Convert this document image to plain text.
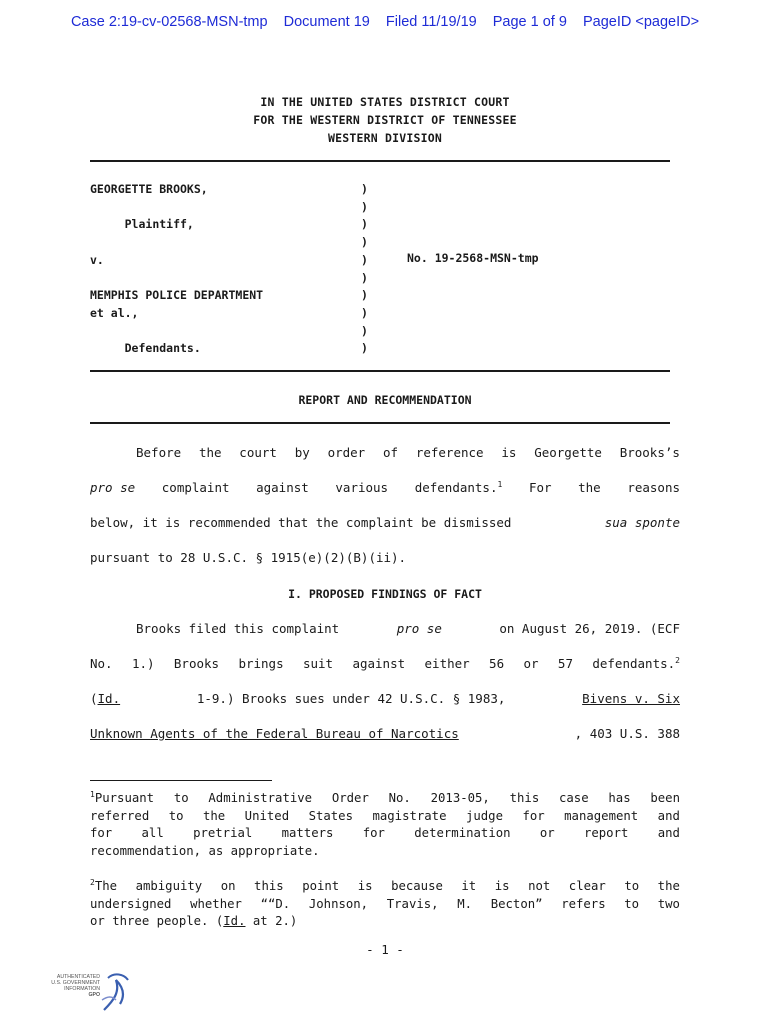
Case 2:19-cv-02568-MSN-tmp Document 19 Filed 11/19/19 Page 1 of 9 PageID <pageID>
IN THE UNITED STATES DISTRICT COURT
FOR THE WESTERN DISTRICT OF TENNESSEE
WESTERN DIVISION
GEORGETTE BROOKS,

Plaintiff,

v.

MEMPHIS POLICE DEPARTMENT
et al.,

Defendants.
)
)
)
)
)
)
)
)
)
)
No. 19-2568-MSN-tmp
REPORT AND RECOMMENDATION
Before the court by order of reference is Georgette Brooks’s
pro se complaint against various defendants.$^1$ For the reasons
below, it is recommended that the complaint be dismissed	sua sponte
pursuant to 28 U.S.C. § 1915(e)(2)(B)(ii).
I. PROPOSED FINDINGS OF FACT
Brooks filed this complaint	pro se	on August 26, 2019. (ECF
No. 1.) Brooks brings suit against either 56 or 57 defendants.$^2$
(Id.	1-9.) Brooks sues under 42 U.S.C. § 1983,	Bivens v. Six
Unknown Agents of the Federal Bureau of Narcotics	, 403 U.S. 388
$^1$Pursuant to Administrative Order No. 2013-05, this case has been
referred to the United States magistrate judge for management and
for all pretrial matters for determination or report and
recommendation, as appropriate.
$^2$The ambiguity on this point is because it is not clear to the
undersigned whether ““D. Johnson, Travis, M. Becton” refers to two
or three people. (Id. at 2.)
- 1 -
AUTHENTICATED
U.S. GOVERNMENT
INFORMATION
GPO
